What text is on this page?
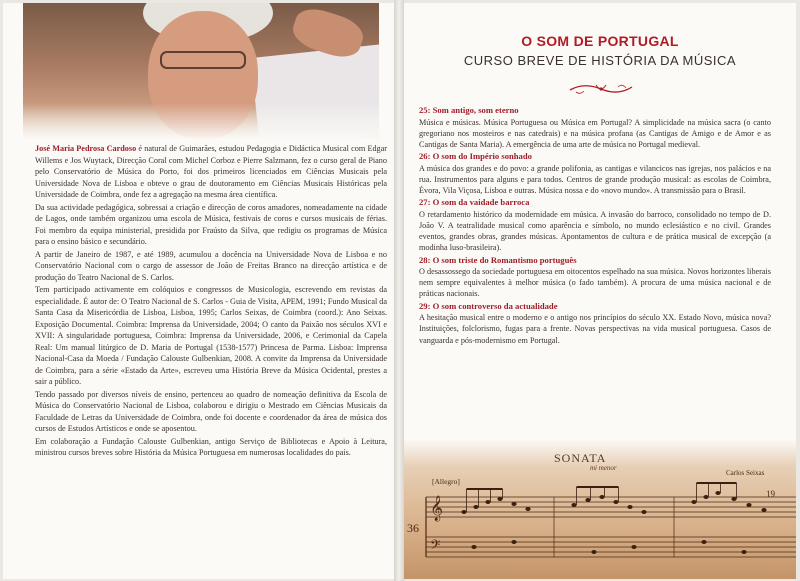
José Maria Pedrosa Cardoso é natural de Guimarães, estudou Pedagogia e Didáctica Musical com Edgar Willems e Jos Wuytack, Direcção Coral com Michel Corboz e Pierre Salzmann, fez o curso geral de Piano pelo Conservatório de Música do Porto, foi dos primeiros licenciados em Ciências Musicais pela Universidade Nova de Lisboa e obteve o grau de doutoramento em Ciências Musicais Históricas pela Universidade de Coimbra, onde fez a agregação na mesma área científica.

Da sua actividade pedagógica, sobressai a criação e direcção de coros amadores, nomeadamente na cidade de Lagos, onde também organizou uma escola de Música, festivais de coros e cursos musicais de férias. Foi membro da equipa ministerial, presidida por Fraústo da Silva, que redigiu os programas de Música para o ensino básico e secundário.

A partir de Janeiro de 1987, e até 1989, acumulou a docência na Universidade Nova de Lisboa e no Conservatório Nacional com o cargo de assessor de João de Freitas Branco na direcção artística e de produção do Teatro Nacional de S. Carlos.

Tem participado activamente em colóquios e congressos de Musicologia, escrevendo em revistas da especialidade. É autor de: O Teatro Nacional de S. Carlos - Guia de Visita, APEM, 1991; Fundo Musical da Santa Casa da Misericórdia de Lisboa, Lisboa, 1995; Carlos Seixas, de Coimbra (coord.): Ano Seixas. Exposição Documental. Coimbra: Imprensa da Universidade, 2004; O canto da Paixão nos séculos XVI e XVII: A singularidade portuguesa, Coimbra: Imprensa da Universidade, 2006, e Cerimonial da Capela Real: Um manual litúrgico de D. Maria de Portugal (1538-1577) Princesa de Parma. Lisboa: Imprensa Nacional-Casa da Moeda / Fundação Calouste Gulbenkian, 2008. A convite da Imprensa da Universidade de Coimbra, para a série «Estado da Arte», escreveu uma História Breve da Música Ocidental, prestes a sair a público.

Tendo passado por diversos níveis de ensino, pertenceu ao quadro de nomeação definitiva da Escola de Música do Conservatório Nacional de Lisboa, colaborou e dirigiu o Mestrado em Ciências Musicais da Faculdade de Letras da Universidade de Coimbra, onde foi docente e coordenador da área de música dos cursos de Estudos Artísticos e onde se aposentou.

Em colaboração a Fundação Calouste Gulbenkian, antigo Serviço de Bibliotecas e Apoio à Leitura, ministrou cursos breves sobre História da Música Portuguesa em numerosas localidades do país.

O SOM DE PORTUGAL
CURSO BREVE DE HISTÓRIA DA MÚSICA
25: Som antigo, som eterno
Música e músicas. Música Portuguesa ou Música em Portugal? A simplicidade na música sacra (o canto gregoriano nos mosteiros e nas catedrais) e na música profana (as Cantigas de Amigo e de Amor e as Cantigas de Santa Maria). A emergência de uma arte de música no Portugal medieval.
26: O som do Império sonhado
A música dos grandes e do povo: a grande polifonia, as cantigas e vilancicos nas igrejas, nos palácios e na rua. Instrumentos para alguns e para todos. Centros de grande produção musical: as escolas de Coimbra, Évora, Vila Viçosa, Lisboa e outras. Música nossa e do «novo mundo». A transmissão para o Brasil.
27: O som da vaidade barroca
O retardamento histórico da modernidade em música. A invasão do barroco, consolidado no tempo de D. João V. A teatralidade musical como aparência e símbolo, no mundo eclesiástico e no civil. Grandes eventos, grandes obras, grandes músicas. Apontamentos de cultura e de prática musical de excepção (a modinha luso-brasileira).
28: O som triste do Romantismo português
O desassossego da sociedade portuguesa em oitocentos espelhado na sua música. Novos horizontes liberais nem sempre equivalentes à melhor música (o fado também). A procura de uma música nacional e de práticas nacionais.
29: O som controverso da actualidade
A hesitação musical entre o moderno e o antigo nos princípios do século XX. Estado Novo, música nova? Instituições, folclorismo, fugas para a frente. Novas perspectivas na vida musical portuguesa. Casos de vanguarda e pós-modernismo em Portugal.
𝄞
𝄢
SONATA
mi menor
[Allegro]
Carlos Seixas
36
19
